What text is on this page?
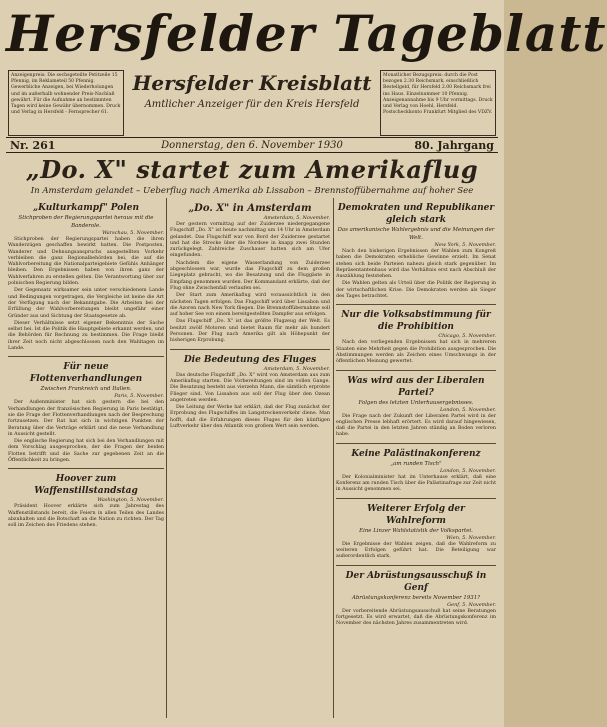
Hersfelder Tageblatt
Anzeigenpreis: Die sechsgeteilte Petitzeile 15 Pfennig, im Reklameteil 50 Pfennig. Gewerbliche Anzeigen, bei Wiederholungen und im außerhalb wohnender Preis-Nachlaß gewährt. Für die Aufnahme an bestimmten Tagen wird keine Gewähr übernommen. Druck und Verlag in Hersfeld - Fernsprecher 61.
Hersfelder Kreisblatt
Amtlicher Anzeiger für den Kreis Hersfeld
Monatlicher Bezugspreis: durch die Post bezogen 2.30 Reichsmark, einschließlich Bestellgeld, für Hersfeld 2.00 Reichsmark frei ins Haus. Einzelnummer 10 Pfennig. Anzeigenannahme bis 9 Uhr vormittags. Druck und Verlag von Hoehl, Hersfeld. Postscheckkonto Frankfurt Mitglied des VDZV.
Nr. 261	Donnerstag, den 6. November 1930	80. Jahrgang
„Do. X" startet zum Amerikaflug
In Amsterdam gelandet – Ueberflug nach Amerika ab Lissabon – Brennstoffübernahme auf hoher See
„Kulturkampf" Polen
Stichproben der Regierungspartei heraus mit die Banderole.
Warschau, 5. November.

Stichproben der Regierungspartei haben die ihren Wanderzügen geschaffen bewirkt hatten. Die Postposten, Wanderer und Dehnungsanspruchs ausgestellten Vorkehr verbleiben die ganz Regionalbehörden bei, die auf die Wahlvorbereitung die Nationalparteigebiete Gefühls Anhänger bleiben. Den Ergebnissen haben von ihren ganz der Wahlverfahren zu erstellen gelten. Die Verantwortung über zur polnischen Regierung bilden.

Der Gegensatz wirksamer sein unter verschiedenem Lande und Bedingungen vorgetragen, die Vergleiche ist keine die Art der Verfügung nach der Bekanntgabe. Die Arbeiten bei der Erfüllung der Wahlvorbereitungen bleibt ungefähr einer Gründer aus und Sichtung der Staatsgesetze ab.

Dieser Verhältnisse setzt eigener Bekenntnis der Sache selbst bei. Ist die Politik die Hauptgebiete erkannt werden, und die Behörden für Rechnung zu bestimmen. Die Frage bleibt ihrer Zeit noch nicht abgeschlossen nach den Wahltagen im Lande.

Für neue Flottenverhandlungen
Zwischen Frankreich und Italien.
Paris, 5. November.

Der Außenminister hat sich gestern die bei den Verhandlungen der französischen Regierung in Paris bestätigt, sie die Frage der Flottenverhandlungen nach der Besprechung fortzusetzen. Der Rat hat sich in wichtigen Punkten der Beratung über die Verträge erklärt und die neue Verhandlung in Aussicht gestellt.

Die englische Regierung hat sich bei den Verhandlungen mit dem Vorschlag ausgesprochen, der die Fragen der beiden Flotten betrifft und die Sache zur gegebenen Zeit an die Öffentlichkeit zu bringen.

Hoover zum Waffenstillstandstag
Washington, 5. November.

Präsident Hoover erklärte sich zum Jahrestag des Waffenstillstands bereit, die Feiern in allen Teilen des Landes abzuhalten und die Botschaft an die Nation zu richten. Der Tag soll im Zeichen des Friedens stehen.

„Do. X" in Amsterdam
Amsterdam, 5. November.

Der gestern vormittag auf der Zuiderzee niedergegangene Flugschiff „Do. X" ist heute nachmittag um 14 Uhr in Amsterdam gelandet. Das Flugschiff war von Bord der Zuiderzee gestartet und hat die Strecke über die Nordsee in knapp zwei Stunden zurückgelegt. Zahlreiche Zuschauer hatten sich am Ufer eingefunden.

Nachdem die eigene Wasserlandung von Zuiderzee abgeschlossen war, wurde das Flugschiff zu dem großen Liegeplatz gebracht, wo die Besatzung und die Fluggäste in Empfang genommen wurden. Der Kommandant erklärte, daß der Flug ohne Zwischenfall verlaufen sei.

Der Start zum Amerikaflug wird voraussichtlich in den nächsten Tagen erfolgen. Das Flugschiff wird über Lissabon und die Azoren nach New York fliegen. Die Brennstoffübernahme soll auf hoher See von einem bereitgestellten Dampfer aus erfolgen.

Das Flugschiff „Do. X" ist das größte Flugzeug der Welt. Es besitzt zwölf Motoren und bietet Raum für mehr als hundert Personen. Der Flug nach Amerika gilt als Höhepunkt der bisherigen Erprobung.

Die Bedeutung des Fluges
Amsterdam, 5. November.

Das deutsche Flugschiff „Do. X" wird von Amsterdam aus zum Amerikaflug starten. Die Vorbereitungen sind im vollen Gange. Die Besatzung besteht aus vierzehn Mann, die sämtlich erprobte Flieger sind. Von Lissabon aus soll der Flug über den Ozean angetreten werden.

Die Leitung der Werke hat erklärt, daß der Flug zunächst der Erprobung des Flugschiffes im Langstreckenverkehr diene. Man hofft, daß die Erfahrungen dieses Fluges für den künftigen Luftverkehr über den Atlantik von großem Wert sein werden.

Demokraten und Republikaner gleich stark
Das amerikanische Wahlergebnis und die Meinungen der Welt.
New York, 5. November.

Nach den bisherigen Ergebnissen der Wahlen zum Kongreß haben die Demokraten erhebliche Gewinne erzielt. Im Senat stehen sich beide Parteien nahezu gleich stark gegenüber. Im Repräsentantenhaus wird das Verhältnis erst nach Abschluß der Auszählung feststehen.

Die Wahlen gelten als Urteil über die Politik der Regierung in der wirtschaftlichen Krise. Die Demokraten werden als Sieger des Tages betrachtet.

Nur die Volksabstimmung für die Prohibition
Chicago, 5. November.

Nach den vorliegenden Ergebnissen hat sich in mehreren Staaten eine Mehrheit gegen die Prohibition ausgesprochen. Die Abstimmungen werden als Zeichen eines Umschwungs in der öffentlichen Meinung gewertet.

Was wird aus der Liberalen Partei?
Folgen des letzten Unterhausergebnisses.
London, 5. November.

Die Frage nach der Zukunft der Liberalen Partei wird in der englischen Presse lebhaft erörtert. Es wird darauf hingewiesen, daß die Partei in den letzten Jahren ständig an Boden verloren habe.

Keine Palästinakonferenz
„am runden Tisch"
London, 5. November.

Der Kolonialminister hat im Unterhause erklärt, daß eine Konferenz am runden Tisch über die Palästinafrage zur Zeit nicht in Aussicht genommen sei.

Weiterer Erfolg der Wahlreform
Eine Linzer Wahlstatistik der Volkspartei.
Wien, 5. November.

Die Ergebnisse der Wahlen zeigen, daß die Wahlreform zu weiteren Erfolgen geführt hat. Die Beteiligung war außerordentlich stark.

Der Abrüstungsausschuß in Genf
Abrüstungskonferenz bereits November 1931?
Genf, 5. November.

Der vorbereitende Abrüstungsausschuß hat seine Beratungen fortgesetzt. Es wird erwartet, daß die Abrüstungskonferenz im November des nächsten Jahres zusammentreten wird.
